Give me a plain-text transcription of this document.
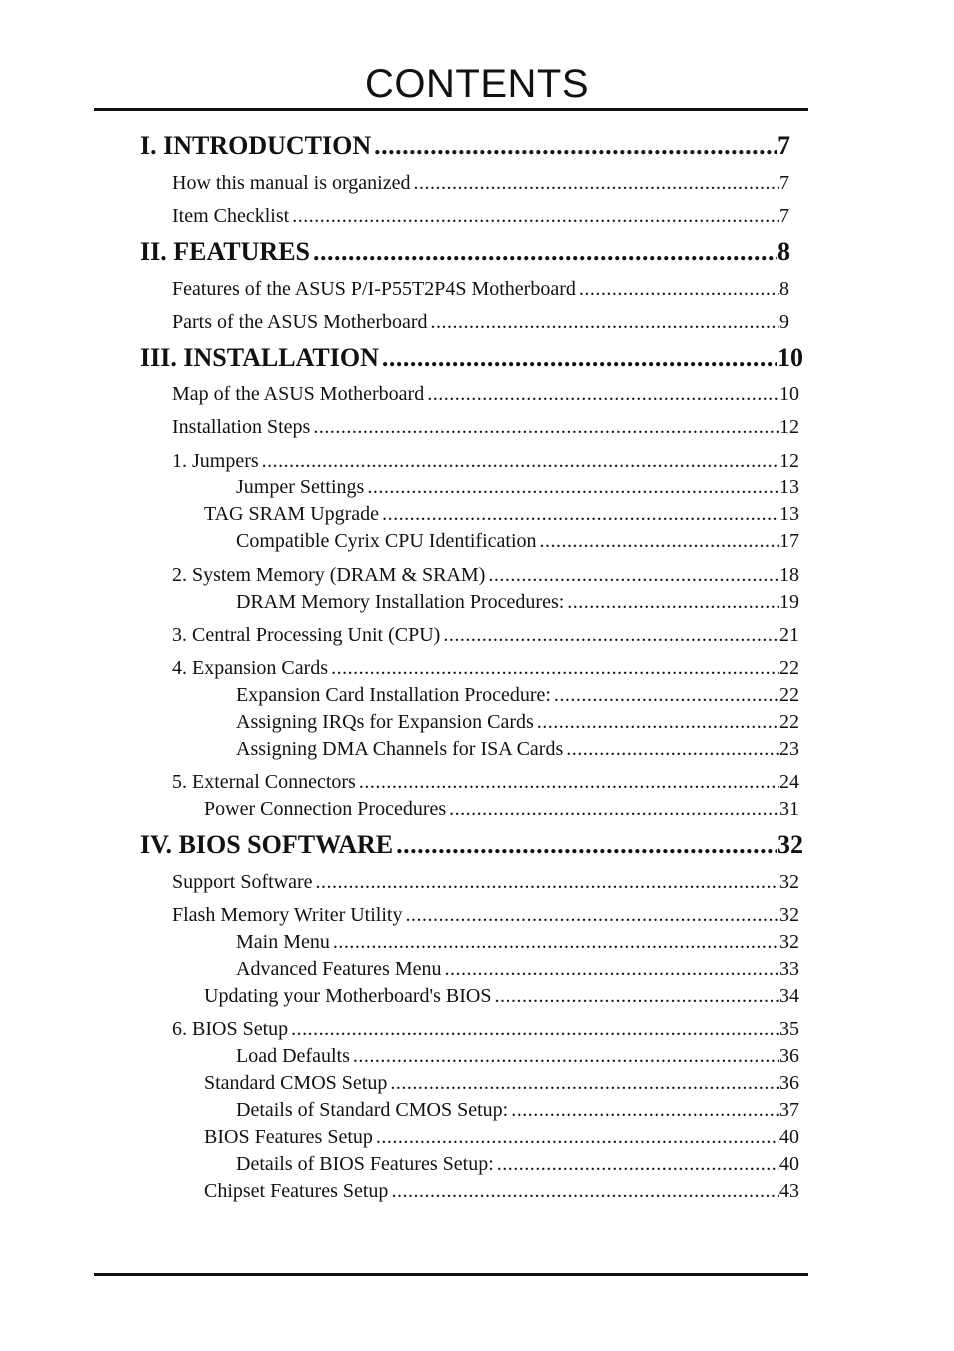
CONTENTS
I. INTRODUCTION .....	7
How this manual is organized .....	7
Item Checklist .....	7
II. FEATURES .....	8
Features of the ASUS P/I-P55T2P4S Motherboard .....	8
Parts of the ASUS Motherboard .....	9
III. INSTALLATION .....	10
Map of the ASUS Motherboard .....	10
Installation Steps .....	12
1. Jumpers .....	12
Jumper Settings .....	13
TAG SRAM Upgrade .....	13
Compatible Cyrix CPU Identification .....	17
2. System Memory (DRAM & SRAM) .....	18
DRAM Memory Installation Procedures: .....	19
3. Central Processing Unit (CPU) .....	21
4. Expansion Cards .....	22
Expansion Card Installation Procedure: .....	22
Assigning IRQs for Expansion Cards .....	22
Assigning DMA Channels for ISA Cards .....	23
5. External Connectors .....	24
Power Connection Procedures .....	31
IV. BIOS SOFTWARE .....	32
Support Software .....	32
Flash Memory Writer Utility .....	32
Main Menu .....	32
Advanced Features Menu .....	33
Updating your Motherboard's BIOS .....	34
6. BIOS Setup .....	35
Load Defaults .....	36
Standard CMOS Setup .....	36
Details of Standard CMOS Setup: .....	37
BIOS Features Setup .....	40
Details of BIOS Features Setup: .....	40
Chipset Features Setup .....	43
